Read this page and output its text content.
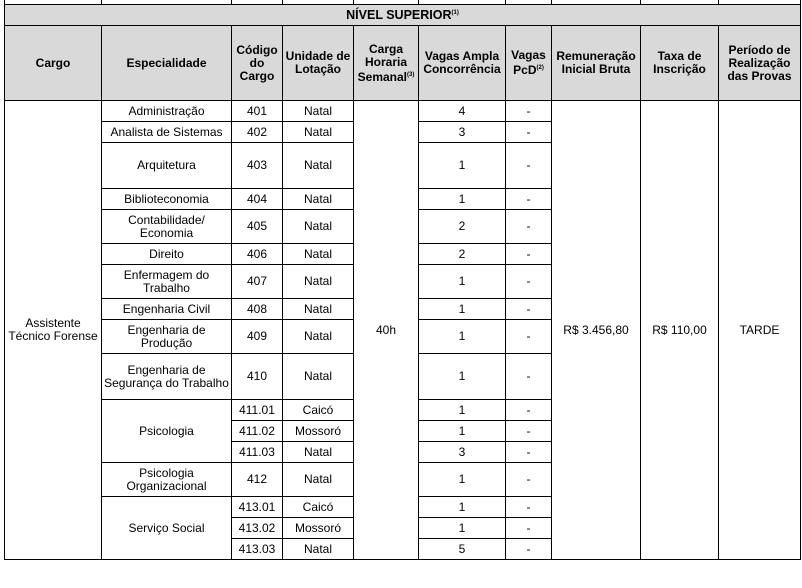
NÍVEL SUPERIOR$^{(1)}$
Cargo	Especialidade	Código do Cargo	Unidade de Lotação	Carga Horaria Semanal$^{(3)}$	Vagas Ampla Concorrência	Vagas PcD$^{(2)}$	Remuneração Inicial Bruta	Taxa de Inscrição	Período de Realização das Provas
Assistente Técnico Forense	Administração	401	Natal	40h	4	-	R$ 3.456,80	R$ 110,00	TARDE
	Analista de Sistemas	402	Natal		3	-			
	Arquitetura	403	Natal		1	-			
	Biblioteconomia	404	Natal		1	-			
	Contabilidade/ Economia	405	Natal		2	-			
	Direito	406	Natal		2	-			
	Enfermagem do Trabalho	407	Natal		1	-			
	Engenharia Civil	408	Natal		1	-			
	Engenharia de Produção	409	Natal		1	-			
	Engenharia de Segurança do Trabalho	410	Natal		1	-			
	Psicologia	411.01	Caicó		1	-			
		411.02	Mossoró		1	-			
		411.03	Natal		3	-			
	Psicologia Organizacional	412	Natal		1	-			
	Serviço Social	413.01	Caicó		1	-			
		413.02	Mossoró		1	-			
		413.03	Natal		5	-			
